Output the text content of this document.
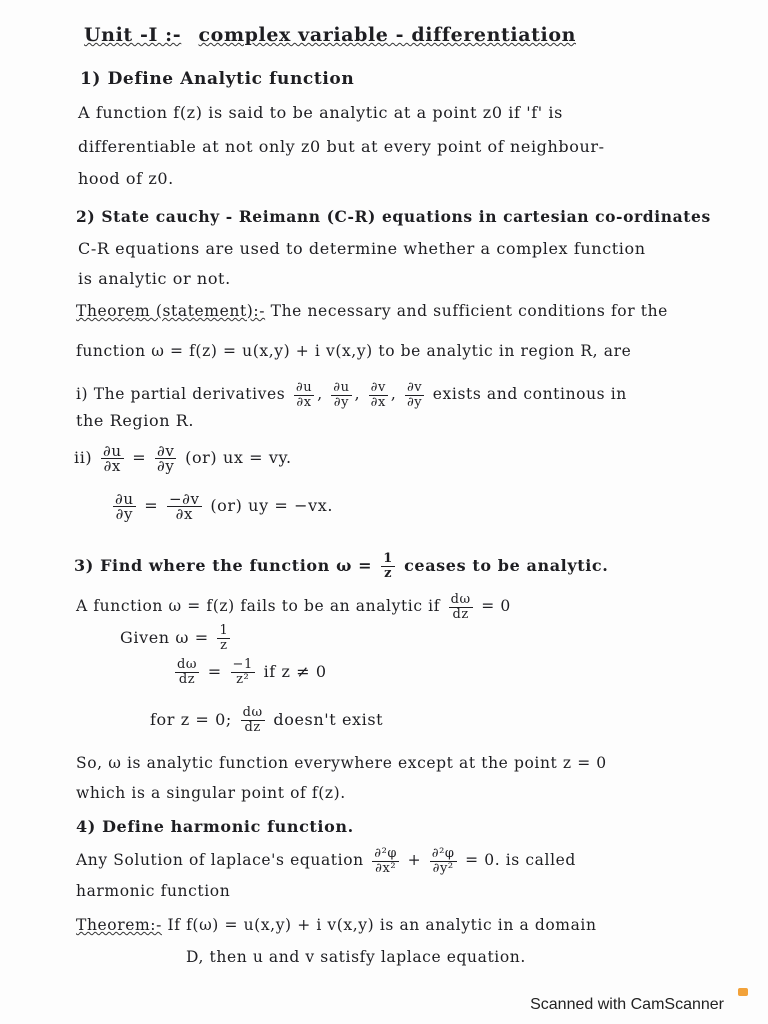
Unit -I :- complex variable - differentiation
1) Define Analytic function
A function f(z) is said to be analytic at a point z0 if 'f' is
differentiable at not only z0 but at every point of neighbour-
hood of z0.
2) State cauchy - Reimann (C-R) equations in cartesian co-ordinates
C-R equations are used to determine whether a complex function
is analytic or not.
Theorem (statement):- The necessary and sufficient conditions for the
function ω = f(z) = u(x,y) + i v(x,y) to be analytic in region R, are
i) The partial derivatives $\frac{\partial u}{\partial x}$ , $\frac{\partial u}{\partial y}$ , $\frac{\partial v}{\partial x}$ , $\frac{\partial v}{\partial y}$ exists and continous in
the Region R.
$ii) \frac{\partial u}{\partial x} = \frac{\partial v}{\partial y} (or)$ ux = vy.
$\frac{\partial u}{\partial y} = \frac{-\partial v}{\partial x} (or)$ uy = −vx.
3) Find where the function $\omega = \frac{1}{z}$ ceases to be analytic.
A function ω = f(z) fails to be an analytic if $\frac{d\omega}{dz} = 0$
Given $\omega = \frac{1}{z}$
$\frac{d\omega}{dz} = \frac{-1}{\text{z²}}$ if z ≠ 0
for z = 0; $\frac{d\omega}{dz}$ doesn't exist
So, ω is analytic function everywhere except at the point z = 0
which is a singular point of f(z).
4) Define harmonic function.
Any Solution of laplace's equation $\frac{\text{∂²φ}}{\text{∂x²}} + \frac{\text{∂²φ}}{\text{∂y²}} = 0$. is called
harmonic function
Theorem:- If f(ω) = u(x,y) + i v(x,y) is an analytic in a domain
D, then u and v satisfy laplace equation.
Scanned with CamScanner
